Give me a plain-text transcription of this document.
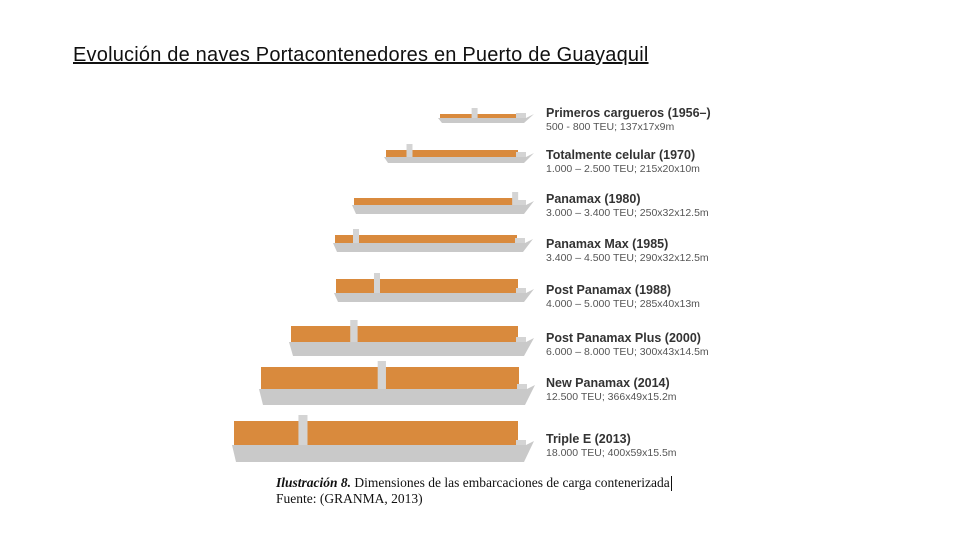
Evolución de naves Portacontenedores en Puerto de Guayaquil
Primeros cargueros (1956–)
500 - 800 TEU; 137x17x9m
Totalmente celular (1970)
1.000 – 2.500 TEU; 215x20x10m
Panamax (1980)
3.000 – 3.400 TEU; 250x32x12.5m
Panamax Max (1985)
3.400 – 4.500 TEU; 290x32x12.5m
Post Panamax (1988)
4.000 – 5.000 TEU; 285x40x13m
Post Panamax Plus (2000)
6.000 – 8.000 TEU; 300x43x14.5m
New Panamax (2014)
12.500 TEU; 366x49x15.2m
Triple E (2013)
18.000 TEU; 400x59x15.5m
Ilustración 8. Dimensiones de las embarcaciones de carga contenerizada
Fuente: (GRANMA, 2013)
